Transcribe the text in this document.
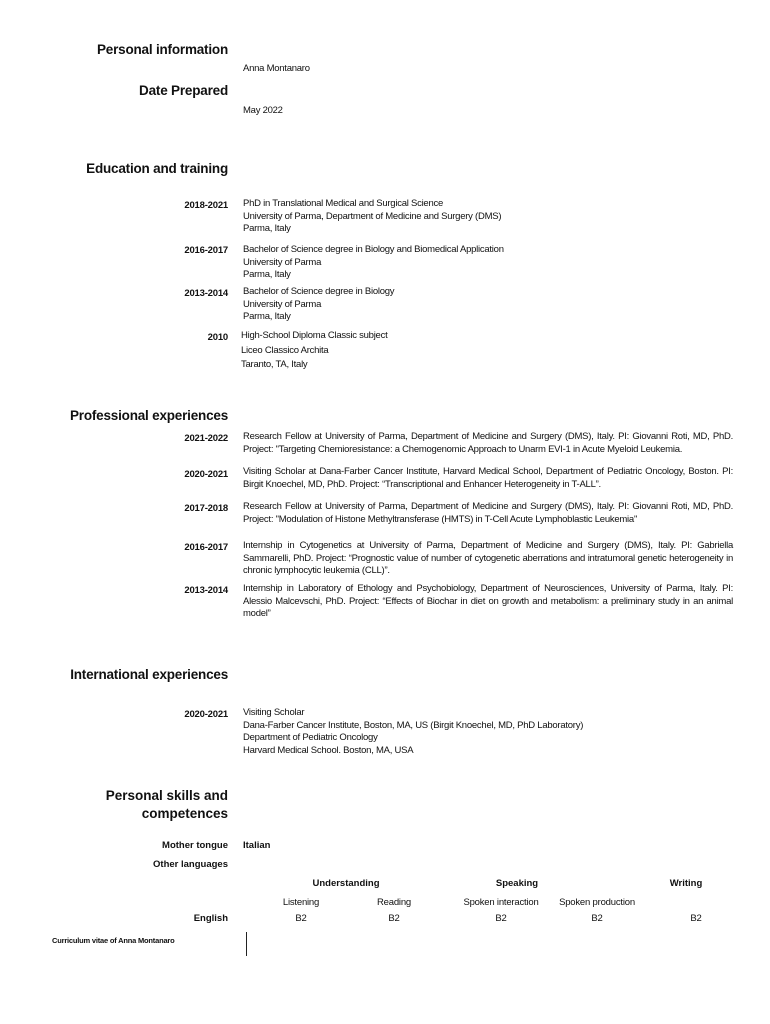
Personal information
Anna Montanaro
Date Prepared
May 2022
Education and training
2018-2021 PhD in Translational Medical and Surgical Science
University of Parma, Department of Medicine and Surgery (DMS)
Parma, Italy
2016-2017 Bachelor of Science degree in Biology and Biomedical Application
University of Parma
Parma, Italy
2013-2014 Bachelor of Science degree in Biology
University of Parma
Parma, Italy
2010 High-School Diploma Classic subject
Liceo Classico Archita
Taranto, TA, Italy
Professional experiences
2021-2022 Research Fellow at University of Parma, Department of Medicine and Surgery (DMS), Italy. PI: Giovanni Roti, MD, PhD. Project: "Targeting Chemioresistance: a Chemogenomic Approach to Unarm EVI-1 in Acute Myeloid Leukemia.
2020-2021 Visiting Scholar at Dana-Farber Cancer Institute, Harvard Medical School, Department of Pediatric Oncology, Boston. PI: Birgit Knoechel, MD, PhD. Project: “Transcriptional and Enhancer Heterogeneity in T-ALL”.
2017-2018 Research Fellow at University of Parma, Department of Medicine and Surgery (DMS), Italy. PI: Giovanni Roti, MD, PhD. Project: "Modulation of Histone Methyltransferase (HMTS) in T-Cell Acute Lymphoblastic Leukemia"
2016-2017 Internship in Cytogenetics at University of Parma, Department of Medicine and Surgery (DMS), Italy. PI: Gabriella Sammarelli, PhD. Project: “Prognostic value of number of cytogenetic aberrations and intratumoral genetic heterogeneity in chronic lymphocytic leukemia (CLL)”.
2013-2014 Internship in Laboratory of Ethology and Psychobiology, Department of Neurosciences, University of Parma, Italy. PI: Alessio Malcevschi, PhD. Project: “Effects of Biochar in diet on growth and metabolism: a preliminary study in an animal model”
International experiences
2020-2021 Visiting Scholar
Dana-Farber Cancer Institute, Boston, MA, US (Birgit Knoechel, MD, PhD Laboratory)
Department of Pediatric Oncology
Harvard Medical School. Boston, MA, USA
Personal skills and
competences
Mother tongue Italian
Other languages
Understanding	Speaking	Writing
Listening	Reading	Spoken interaction	Spoken production
English	B2	B2	B2	B2	B2
Curriculum vitae of Anna Montanaro
